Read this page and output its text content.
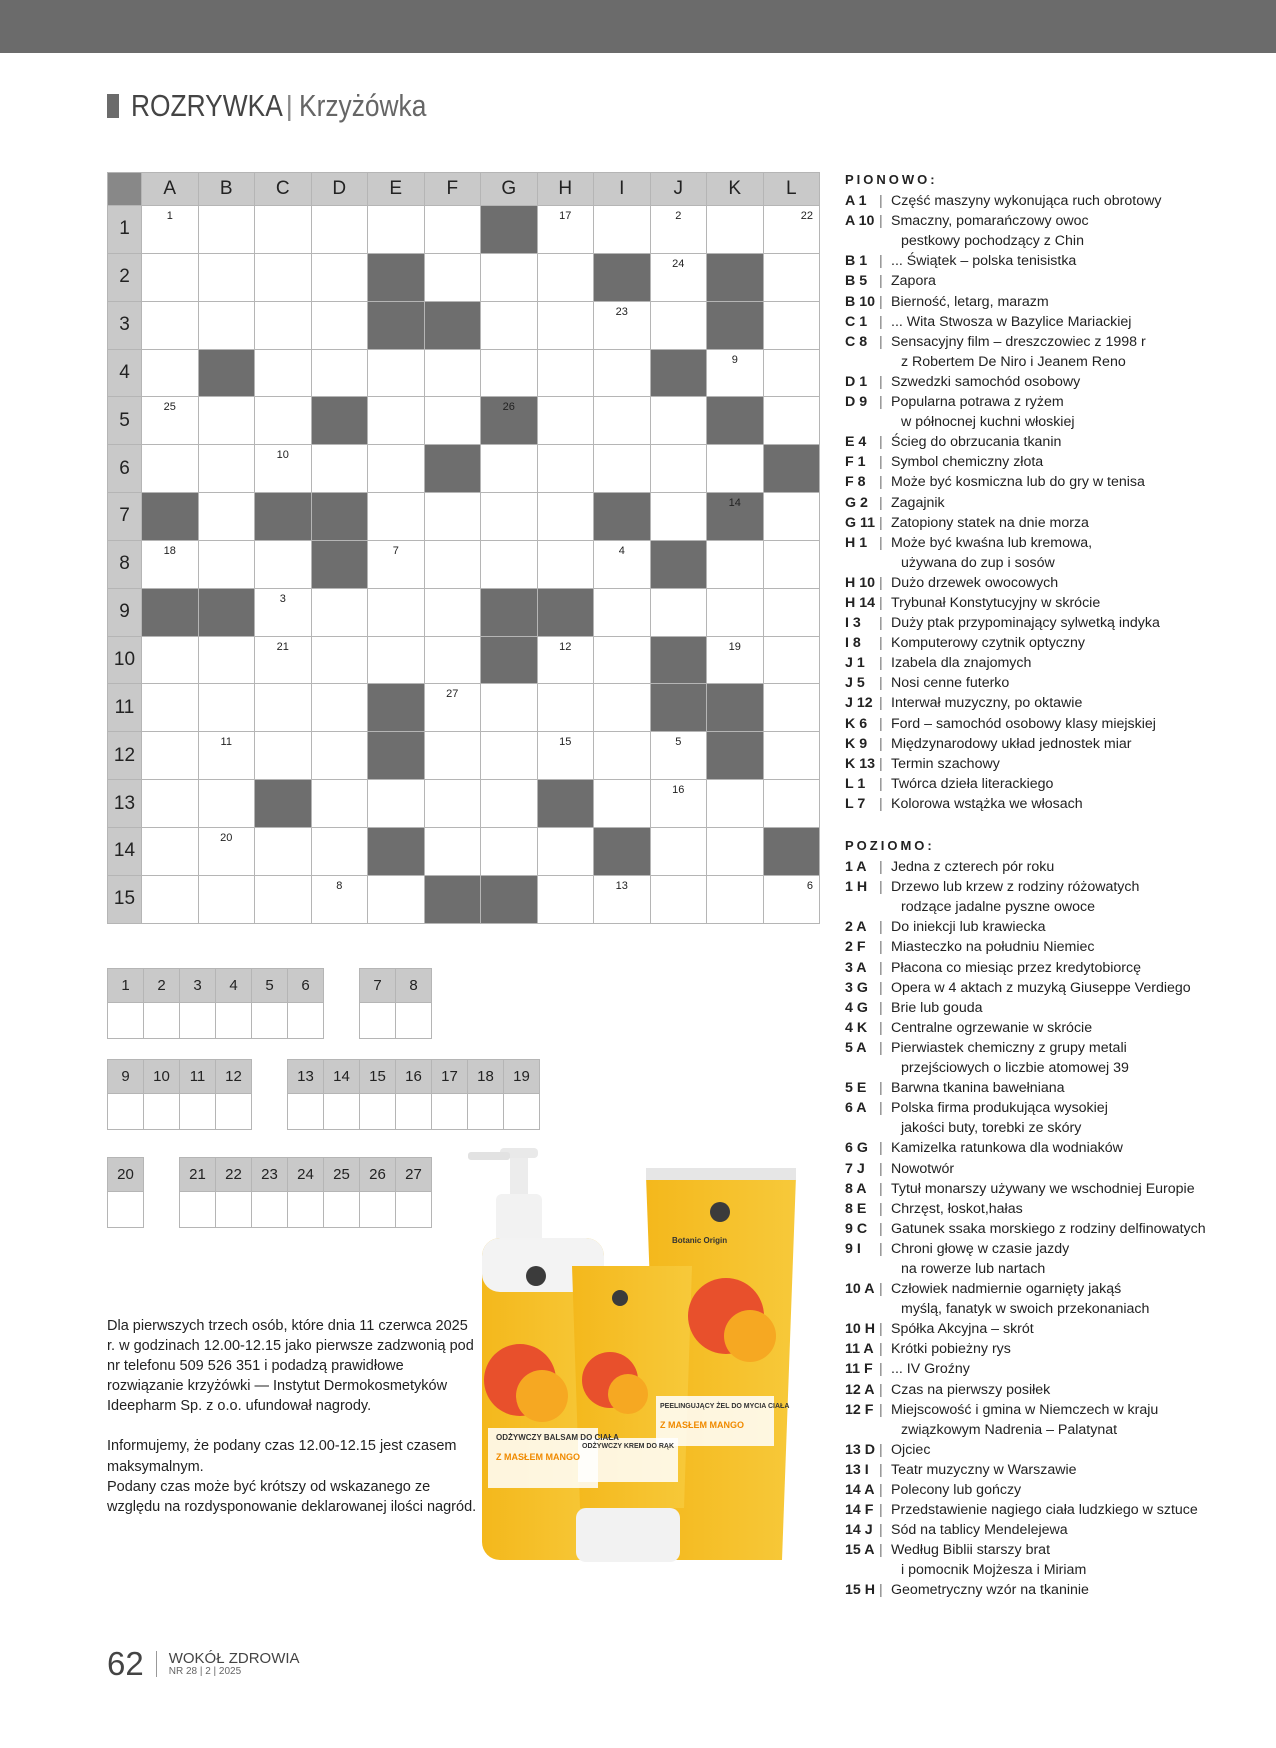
ROZRYWKA | Krzyżówka
	A	B	C	D	E	F	G	H	I	J	K	L
1	1							17		2		22

2										24		

3									23			

4											9	

5	25						26					

6			10									

7											14	

8	18				7				4			

9			3									

10			21					12			19	

11						27						

12		11						15		5		

13										16		

14		20										

15				8					13			6
1	2	3	4	5	6		7	8

9	10	11	12		13	14	15	16	17	18	19

20		21	22	23	24	25	26	27

PIONOWO:
A 1 | Część maszyny wykonująca ruch obrotowy
A 10 | Smaczny, pomarańczowy owoc
pestkowy pochodzący z Chin
B 1 | ... Świątek – polska tenisistka
B 5 | Zapora
B 10 | Bierność, letarg, marazm
C 1 | ... Wita Stwosza w Bazylice Mariackiej
C 8 | Sensacyjny film – dreszczowiec z 1998 r
z Robertem De Niro i Jeanem Reno
D 1 | Szwedzki samochód osobowy
D 9 | Popularna potrawa z ryżem
w północnej kuchni włoskiej
E 4 | Ścieg do obrzucania tkanin
F 1 | Symbol chemiczny złota
F 8 | Może być kosmiczna lub do gry w tenisa
G 2 | Zagajnik
G 11 | Zatopiony statek na dnie morza
H 1 | Może być kwaśna lub kremowa,
używana do zup i sosów
H 10 | Dużo drzewek owocowych
H 14 | Trybunał Konstytucyjny w skrócie
I 3	| Duży ptak przypominający sylwetką indyka
I 8	| Komputerowy czytnik optyczny
J 1	| Izabela dla znajomych
J 5	| Nosi cenne futerko
J 12 | Interwał muzyczny, po oktawie
K 6 | Ford – samochód osobowy klasy miejskiej
K 9 | Międzynarodowy układ jednostek miar
K 13 | Termin szachowy
L 1 | Twórca dzieła literackiego
L 7 | Kolorowa wstążka we włosach
POZIOMO:
1 A | Jedna z czterech pór roku
1 H | Drzewo lub krzew z rodziny różowatych
rodzące jadalne pyszne owoce
2 A | Do iniekcji lub krawiecka
2 F | Miasteczko na południu Niemiec
3 A | Płacona co miesiąc przez kredytobiorcę
3 G | Opera w 4 aktach z muzyką Giuseppe Verdiego
4 G | Brie lub gouda
4 K | Centralne ogrzewanie w skrócie
5 A | Pierwiastek chemiczny z grupy metali
przejściowych o liczbie atomowej 39
5 E | Barwna tkanina bawełniana
6 A | Polska firma produkująca wysokiej
jakości buty, torebki ze skóry
6 G | Kamizelka ratunkowa dla wodniaków
7 J	| Nowotwór
8 A | Tytuł monarszy używany we wschodniej Europie
8 E | Chrzęst, łoskot,hałas
9 C | Gatunek ssaka morskiego z rodziny delfinowatych
9 I	| Chroni głowę w czasie jazdy
na rowerze lub nartach
10 A | Człowiek nadmiernie ogarnięty jakąś
myślą, fanatyk w swoich przekonaniach
10 H | Spółka Akcyjna – skrót
11 A | Krótki pobieżny rys
11 F | ... IV Groźny
12 A | Czas na pierwszy posiłek
12 F | Miejscowość i gmina w Niemczech w kraju
związkowym Nadrenia – Palatynat
13 D | Ojciec
13 I | Teatr muzyczny w Warszawie
14 A | Polecony lub gończy
14 F | Przedstawienie nagiego ciała ludzkiego w sztuce
14 J | Sód na tablicy Mendelejewa
15 A | Według Biblii starszy brat
i pomocnik Mojżesza i Miriam
15 H | Geometryczny wzór na tkaninie

Dla pierwszych trzech osób, które dnia 11 czerwca 2025 r. w godzinach 12.00-12.15 jako pierwsze zadzwonią pod nr telefonu 509 526 351 i podadzą prawidłowe rozwiązanie krzyżówki — Instytut Dermokosmetyków Ideepharm Sp. z o.o. ufundował nagrody.

Informujemy, że podany czas 12.00-12.15 jest czasem maksymalnym.
Podany czas może być krótszy od wskazanego ze względu na rozdysponowanie deklarowanej ilości nagród.

ODŻYWCZY BALSAM DO CIAŁA
ODŻYWCZY KREM DO RĄK
PEELINGUJĄCY ŻEL DO MYCIA CIAŁA
Z MASŁEM MANGO
Z MASŁEM MANGO
Botanic Origin
62 WOKÓŁ ZDROWIA
NR 28 | 2 | 2025
